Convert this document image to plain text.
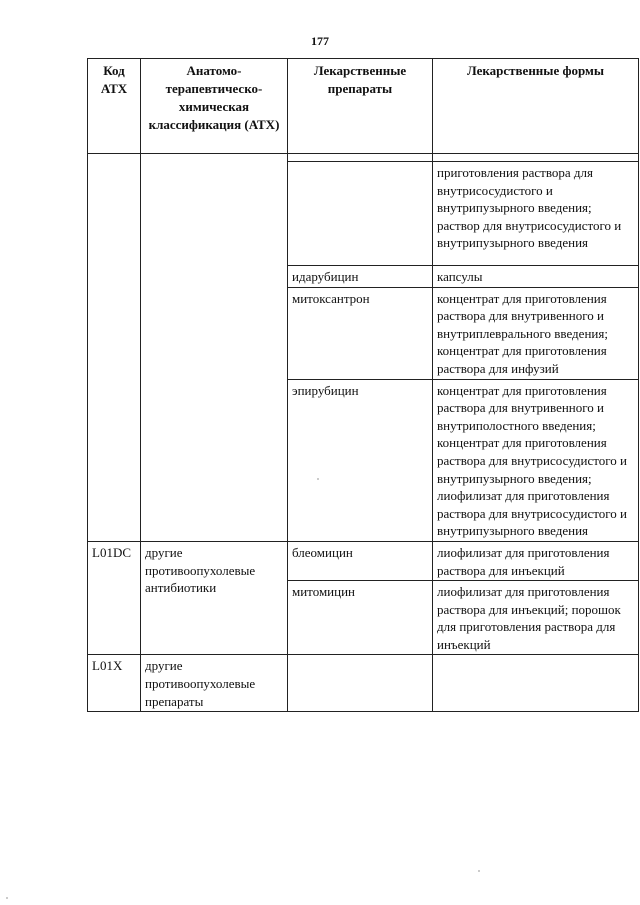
177
Код АТХ	Анатомо-терапевтическо-химическая классификация (АТХ)	Лекарственные препараты	Лекарственные формы

			приготовления раствора для внутрисосудистого и внутрипузырного введения; раствор для внутрисосудистого и внутрипузырного введения
		идарубицин	капсулы
		митоксантрон	концентрат для приготовления раствора для внутривенного и внутриплеврального введения; концентрат для приготовления раствора для инфузий
		эпирубицин	концентрат для приготовления раствора для внутривенного и внутриполостного введения; концентрат для приготовления раствора для внутрисосудистого и внутрипузырного введения; лиофилизат для приготовления раствора для внутрисосудистого и внутрипузырного введения
L01DC	другие противоопухолевые антибиотики	блеомицин	лиофилизат для приготовления раствора для инъекций
		митомицин	лиофилизат для приготовления раствора для инъекций; порошок для приготовления раствора для инъекций
L01X	другие противоопухолевые препараты		
